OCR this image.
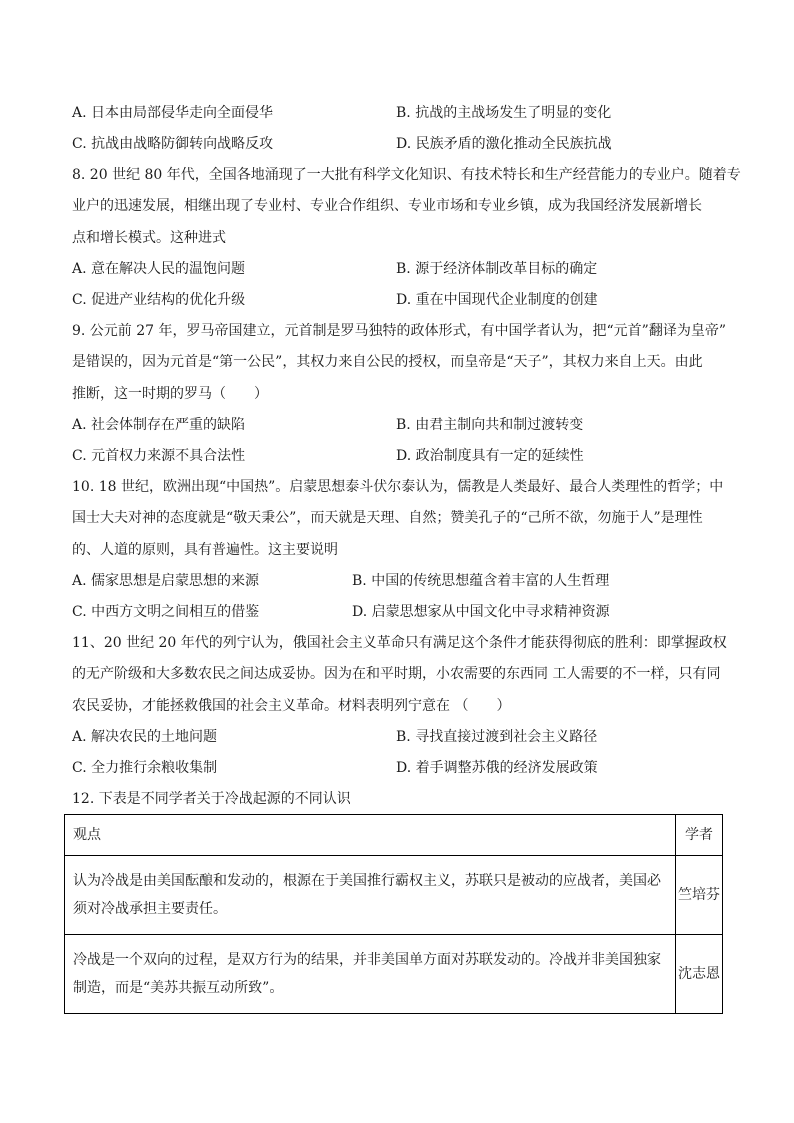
A. 日本由局部侵华走向全面侵华	B. 抗战的主战场发生了明显的变化
C. 抗战由战略防御转向战略反攻	D. 民族矛盾的激化推动全民族抗战
8. 20 世纪 80 年代，全国各地涌现了一大批有科学文化知识、有技术特长和生产经营能力的专业户。随着专
业户的迅速发展，相继出现了专业村、专业合作组织、专业市场和专业乡镇，成为我国经济发展新增长
点和增长模式。这种进式
A. 意在解决人民的温饱问题	B. 源于经济体制改革目标的确定
C. 促进产业结构的优化升级	D. 重在中国现代企业制度的创建
9. 公元前 27 年，罗马帝国建立，元首制是罗马独特的政体形式，有中国学者认为，把“元首”翻译为皇帝”
是错误的，因为元首是“第一公民”，其权力来自公民的授权，而皇帝是“天子”，其权力来自上天。由此
推断，这一时期的罗马（　　）
A. 社会体制存在严重的缺陷	B. 由君主制向共和制过渡转变
C. 元首权力来源不具合法性	D. 政治制度具有一定的延续性
10. 18 世纪，欧洲出现“中国热”。启蒙思想泰斗伏尔泰认为，儒教是人类最好、最合人类理性的哲学；中
国士大夫对神的态度就是“敬天秉公”，而天就是天理、自然；赞美孔子的“己所不欲，勿施于人”是理性
的、人道的原则，具有普遍性。这主要说明
A. 儒家思想是启蒙思想的来源	B. 中国的传统思想蕴含着丰富的人生哲理
C. 中西方文明之间相互的借鉴	D. 启蒙思想家从中国文化中寻求精神资源
11、20 世纪 20 年代的列宁认为，俄国社会主义革命只有满足这个条件才能获得彻底的胜利：即掌握政权
的无产阶级和大多数农民之间达成妥协。因为在和平时期，小农需要的东西同 工人需要的不一样，只有同
农民妥协，才能拯救俄国的社会主义革命。材料表明列宁意在 （　　）
A. 解决农民的土地问题	B. 寻找直接过渡到社会主义路径
C. 全力推行余粮收集制	D. 着手调整苏俄的经济发展政策
12. 下表是不同学者关于冷战起源的不同认识
观点	学者
认为冷战是由美国酝酿和发动的，根源在于美国推行霸权主义，苏联只是被动的应战者，美国必须对冷战承担主要责任。	竺培芬
冷战是一个双向的过程，是双方行为的结果，并非美国单方面对苏联发动的。冷战并非美国独家制造，而是“美苏共振互动所致”。	沈志恩
